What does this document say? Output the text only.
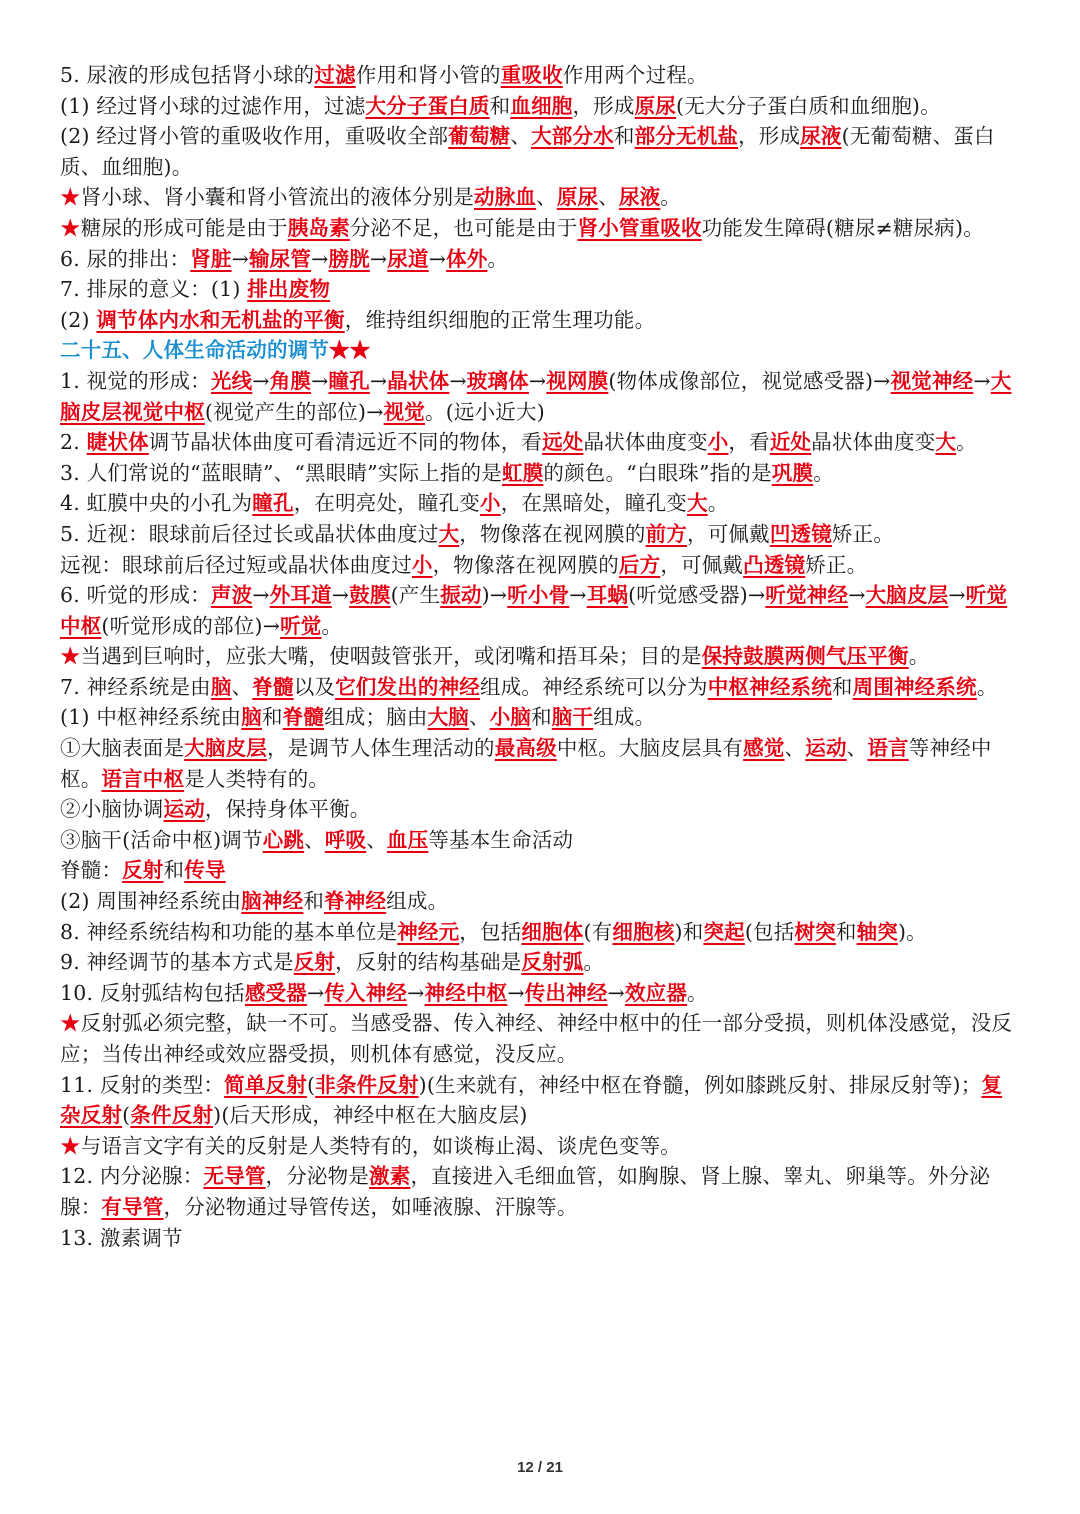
5. 尿液的形成包括肾小球的过滤作用和肾小管的重吸收作用两个过程。
(1) 经过肾小球的过滤作用，过滤大分子蛋白质和血细胞，形成原尿(无大分子蛋白质和血细胞)。
(2) 经过肾小管的重吸收作用，重吸收全部葡萄糖、大部分水和部分无机盐，形成尿液(无葡萄糖、蛋白质、血细胞)。
★肾小球、肾小囊和肾小管流出的液体分别是动脉血、原尿、尿液。
★糖尿的形成可能是由于胰岛素分泌不足，也可能是由于肾小管重吸收功能发生障碍(糖尿≠糖尿病)。
6. 尿的排出：肾脏→输尿管→膀胱→尿道→体外。
7. 排尿的意义：(1) 排出废物
(2) 调节体内水和无机盐的平衡，维持组织细胞的正常生理功能。
二十五、人体生命活动的调节★★
1. 视觉的形成：光线→角膜→瞳孔→晶状体→玻璃体→视网膜(物体成像部位，视觉感受器)→视觉神经→大脑皮层视觉中枢(视觉产生的部位)→视觉。(远小近大)
2. 睫状体调节晶状体曲度可看清远近不同的物体，看远处晶状体曲度变小，看近处晶状体曲度变大。
3. 人们常说的“蓝眼睛”、“黑眼睛”实际上指的是虹膜的颜色。“白眼珠”指的是巩膜。
4. 虹膜中央的小孔为瞳孔，在明亮处，瞳孔变小，在黑暗处，瞳孔变大。
5. 近视：眼球前后径过长或晶状体曲度过大，物像落在视网膜的前方，可佩戴凹透镜矫正。
远视：眼球前后径过短或晶状体曲度过小，物像落在视网膜的后方，可佩戴凸透镜矫正。
6. 听觉的形成：声波→外耳道→鼓膜(产生振动)→听小骨→耳蜗(听觉感受器)→听觉神经→大脑皮层→听觉中枢(听觉形成的部位)→听觉。
★当遇到巨响时，应张大嘴，使咽鼓管张开，或闭嘴和捂耳朵；目的是保持鼓膜两侧气压平衡。
7. 神经系统是由脑、脊髓以及它们发出的神经组成。神经系统可以分为中枢神经系统和周围神经系统。
(1) 中枢神经系统由脑和脊髓组成；脑由大脑、小脑和脑干组成。
①大脑表面是大脑皮层，是调节人体生理活动的最高级中枢。大脑皮层具有感觉、运动、语言等神经中枢。语言中枢是人类特有的。
②小脑协调运动，保持身体平衡。
③脑干(活命中枢)调节心跳、呼吸、血压等基本生命活动
脊髓：反射和传导
(2) 周围神经系统由脑神经和脊神经组成。
8. 神经系统结构和功能的基本单位是神经元，包括细胞体(有细胞核)和突起(包括树突和轴突)。
9. 神经调节的基本方式是反射，反射的结构基础是反射弧。
10. 反射弧结构包括感受器→传入神经→神经中枢→传出神经→效应器。
★反射弧必须完整，缺一不可。当感受器、传入神经、神经中枢中的任一部分受损，则机体没感觉，没反应；当传出神经或效应器受损，则机体有感觉，没反应。
11. 反射的类型：简单反射(非条件反射)(生来就有，神经中枢在脊髓，例如膝跳反射、排尿反射等)；复杂反射(条件反射)(后天形成，神经中枢在大脑皮层)
★与语言文字有关的反射是人类特有的，如谈梅止渴、谈虎色变等。
12. 内分泌腺：无导管，分泌物是激素，直接进入毛细血管，如胸腺、肾上腺、睾丸、卵巢等。外分泌腺：有导管，分泌物通过导管传送，如唾液腺、汗腺等。
13. 激素调节
12 / 21
